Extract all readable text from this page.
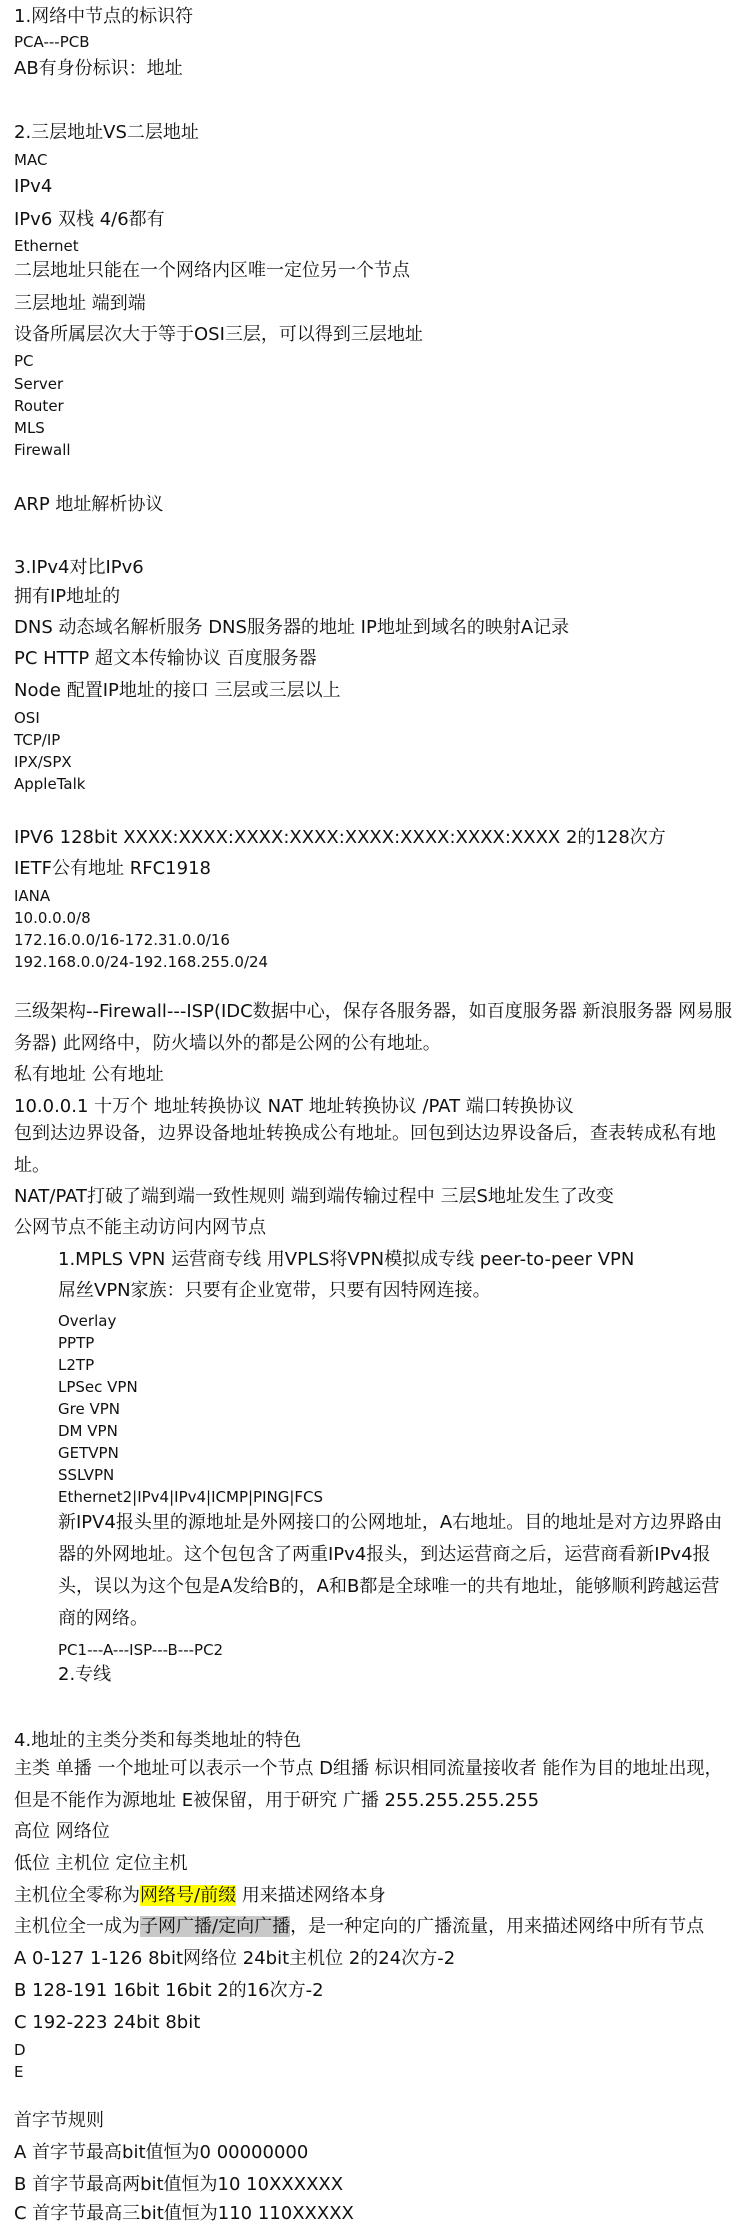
1.网络中节点的标识符
PCA---PCB
AB有身份标识：地址
2.三层地址VS二层地址
MAC
IPv4
IPv6 双栈 4/6都有
Ethernet
二层地址只能在一个网络内区唯一定位另一个节点
三层地址 端到端
设备所属层次大于等于OSI三层，可以得到三层地址
PC
Server
Router
MLS
Firewall
ARP 地址解析协议
3.IPv4对比IPv6
拥有IP地址的
DNS 动态域名解析服务 DNS服务器的地址 IP地址到域名的映射A记录
PC HTTP 超文本传输协议 百度服务器
Node 配置IP地址的接口 三层或三层以上
OSI
TCP/IP
IPX/SPX
AppleTalk
IPV6 128bit XXXX:XXXX:XXXX:XXXX:XXXX:XXXX:XXXX:XXXX 2的128次方
IETF公有地址 RFC1918
IANA
10.0.0.0/8
172.16.0.0/16-172.31.0.0/16
192.168.0.0/24-192.168.255.0/24
三级架构--Firewall---ISP(IDC数据中心，保存各服务器，如百度服务器 新浪服务器 网易服务器) 此网络中，防火墙以外的都是公网的公有地址。
私有地址 公有地址
10.0.0.1 十万个 地址转换协议 NAT 地址转换协议 /PAT 端口转换协议
包到达边界设备，边界设备地址转换成公有地址。回包到达边界设备后，查表转成私有地址。
NAT/PAT打破了端到端一致性规则 端到端传输过程中 三层S地址发生了改变
公网节点不能主动访问内网节点
1.MPLS VPN 运营商专线 用VPLS将VPN模拟成专线 peer-to-peer VPN
屌丝VPN家族：只要有企业宽带，只要有因特网连接。
Overlay
PPTP
L2TP
LPSec VPN
Gre VPN
DM VPN
GETVPN
SSLVPN
Ethernet2|IPv4|IPv4|ICMP|PING|FCS
新IPV4报头里的源地址是外网接口的公网地址，A右地址。目的地址是对方边界路由器的外网地址。这个包包含了两重IPv4报头，到达运营商之后，运营商看新IPv4报头，误以为这个包是A发给B的，A和B都是全球唯一的共有地址，能够顺利跨越运营商的网络。
PC1---A---ISP---B---PC2
2.专线
4.地址的主类分类和每类地址的特色
主类 单播 一个地址可以表示一个节点 D组播 标识相同流量接收者 能作为目的地址出现，但是不能作为源地址 E被保留，用于研究 广播 255.255.255.255
高位 网络位
低位 主机位 定位主机
主机位全零称为网络号/前缀 用来描述网络本身
主机位全一成为子网广播/定向广播，是一种定向的广播流量，用来描述网络中所有节点
A 0-127 1-126 8bit网络位 24bit主机位 2的24次方-2
B 128-191 16bit 16bit 2的16次方-2
C 192-223 24bit 8bit
D
E
首字节规则
A 首字节最高bit值恒为0 00000000
B 首字节最高两bit值恒为10 10XXXXXX
C 首字节最高三bit值恒为110 110XXXXX
